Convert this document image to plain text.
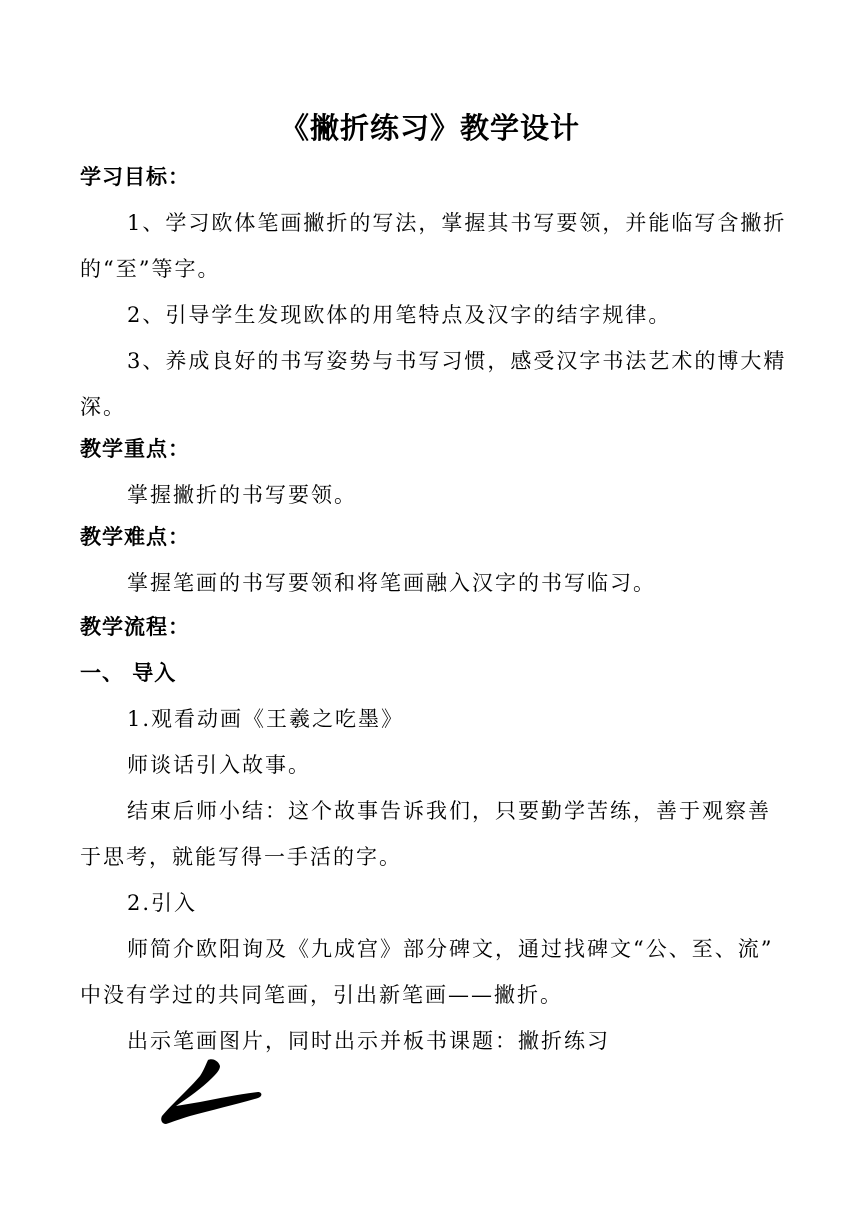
《撇折练习》教学设计
学习目标：
1、学习欧体笔画撇折的写法，掌握其书写要领，并能临写含撇折
的“至”等字。
2、引导学生发现欧体的用笔特点及汉字的结字规律。
3、养成良好的书写姿势与书写习惯，感受汉字书法艺术的博大精
深。
教学重点：
掌握撇折的书写要领。
教学难点：
掌握笔画的书写要领和将笔画融入汉字的书写临习。
教学流程：
一、 导入
1.观看动画《王羲之吃墨》
师谈话引入故事。
结束后师小结：这个故事告诉我们，只要勤学苦练，善于观察善
于思考，就能写得一手活的字。
2.引入
师简介欧阳询及《九成宫》部分碑文，通过找碑文“公、至、流”
中没有学过的共同笔画，引出新笔画——撇折。
出示笔画图片，同时出示并板书课题：撇折练习
